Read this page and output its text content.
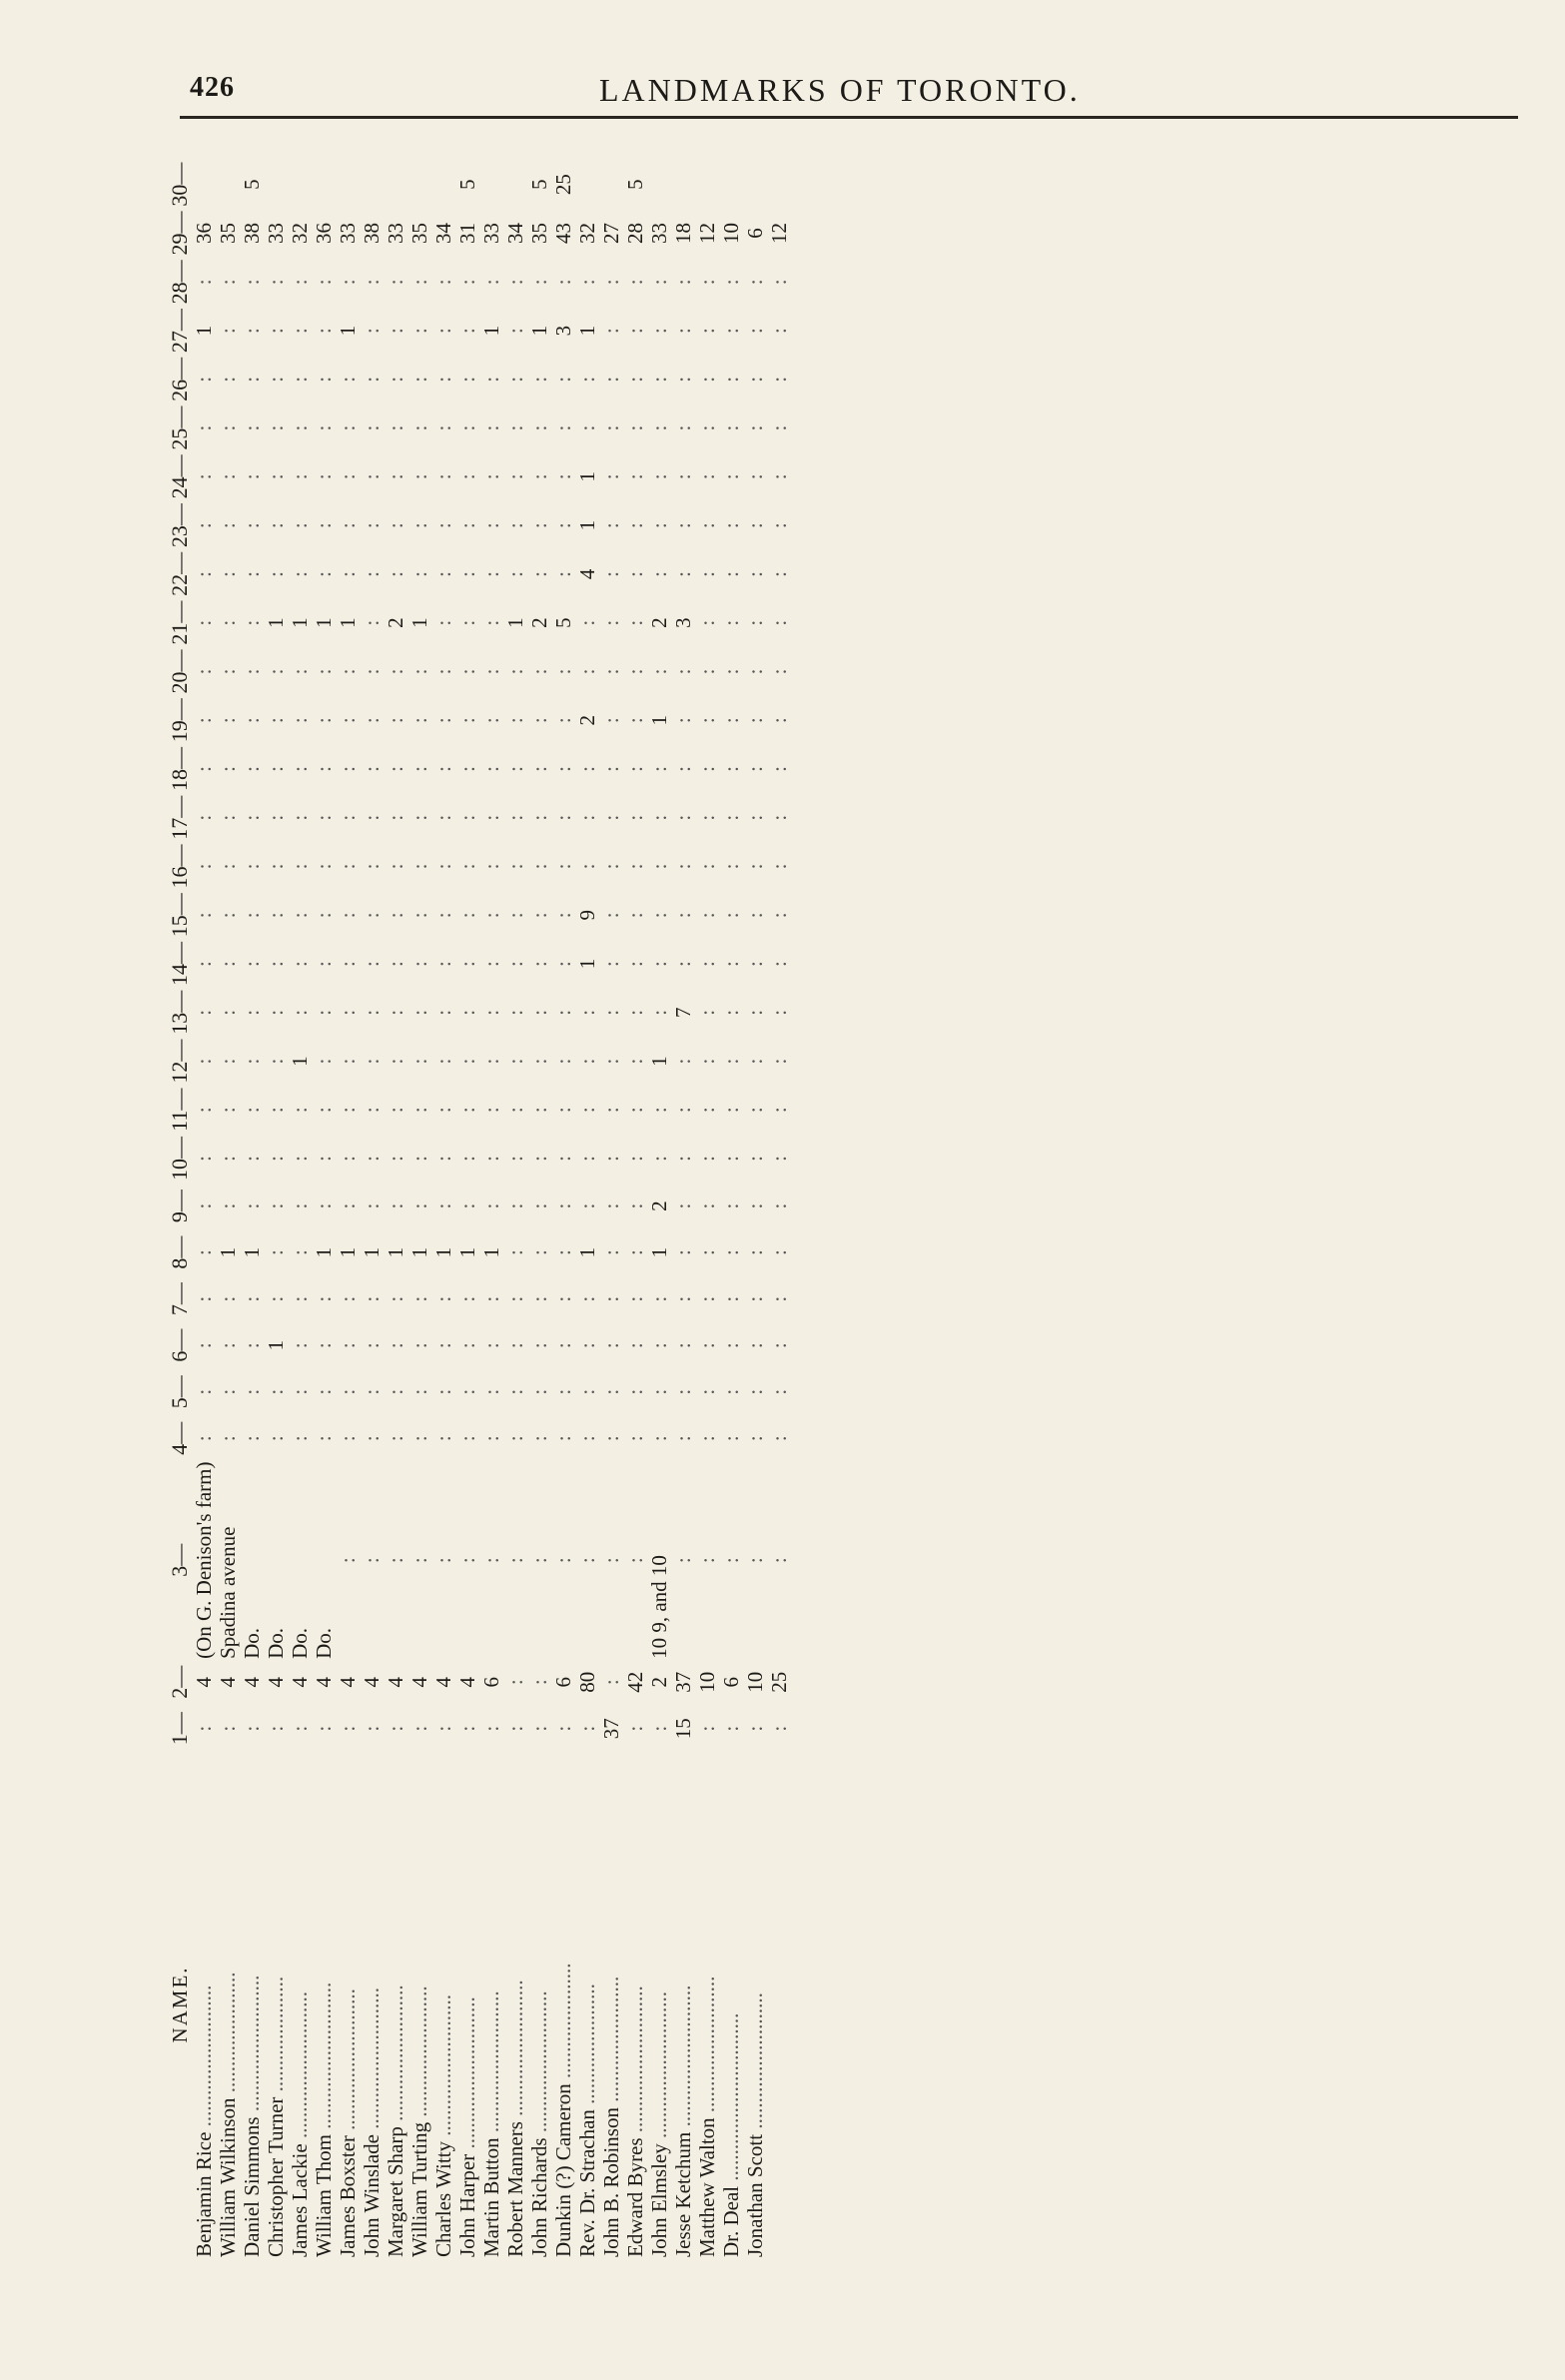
426	LANDMARKS OF TORONTO.
NAME.	1—	2—	3—	4—	5—	6—	7—	8—	9—	10—	11—	12—	13—	14—	15—	16—	17—	18—	19—	20—	21—	22—	23—	24—	25—	26—	27—	28—	29—	30—
Benjamin Rice ...........................	:	4	(On G. Denison's farm)	:	:	:	:	:	:	:	:	:	:	:	:	:	:	:	:	:	:	:	:	:	:	:	1	:	36	
William Wilkinson .......................	:	4	Spadina avenue	:	:	:	:	1	:	:	:	:	:	:	:	:	:	:	:	:	:	:	:	:	:	:	:	:	35	
Daniel Simmons ..........................	:	4	Do.	:	:	:	:	1	:	:	:	:	:	:	:	:	:	:	:	:	:	:	:	:	:	:	:	:	38	5
Christopher Turner ......................	:	4	Do.	:	:	1	:	:	:	:	:	:	:	:	:	:	:	:	:	:	1	:	:	:	:	:	:	:	33	
James Lackie ............................	:	4	Do.	:	:	:	:	:	:	:	:	1	:	:	:	:	:	:	:	:	1	:	:	:	:	:	:	:	32	
William Thom ............................	:	4	Do.	:	:	:	:	1	:	:	:	:	:	:	:	:	:	:	:	:	1	:	:	:	:	:	:	:	36	
James Boxster ...........................	:	4	:	:	:	:	:	1	:	:	:	:	:	:	:	:	:	:	:	:	1	:	:	:	:	:	1	:	33	
John Winslade ...........................	:	4	:	:	:	:	:	1	:	:	:	:	:	:	:	:	:	:	:	:	:	:	:	:	:	:	:	:	38	
Margaret Sharp ..........................	:	4	:	:	:	:	:	1	:	:	:	:	:	:	:	:	:	:	:	:	2	:	:	:	:	:	:	:	33	
William Turting .........................	:	4	:	:	:	:	:	1	:	:	:	:	:	:	:	:	:	:	:	:	1	:	:	:	:	:	:	:	35	
Charles Witty ...........................	:	4	:	:	:	:	:	1	:	:	:	:	:	:	:	:	:	:	:	:	:	:	:	:	:	:	:	:	34	
John Harper .............................	:	4	:	:	:	:	:	1	:	:	:	:	:	:	:	:	:	:	:	:	:	:	:	:	:	:	:	:	31	5
Martin Button ...........................	:	6	:	:	:	:	:	1	:	:	:	:	:	:	:	:	:	:	:	:	:	:	:	:	:	:	1	:	33	
Robert Manners ..........................	:	:	:	:	:	:	:	:	:	:	:	:	:	:	:	:	:	:	:	:	1	:	:	:	:	:	:	:	34	
John Richards ...........................	:	:	:	:	:	:	:	:	:	:	:	:	:	:	:	:	:	:	:	:	2	:	:	:	:	:	1	:	35	5
Dunkin (?) Cameron ......................	:	6	:	:	:	:	:	:	:	:	:	:	:	:	:	:	:	:	:	:	5	:	:	:	:	:	3	:	43	25
Rev. Dr. Strachan .......................	:	80	:	:	:	:	:	1	:	:	:	:	:	1	9	:	:	:	2	:	:	4	1	1	:	:	1	:	32	
John B. Robinson ........................	37	:	:	:	:	:	:	:	:	:	:	:	:	:	:	:	:	:	:	:	:	:	:	:	:	:	:	:	27	
Edward Byres ............................	:	42	:	:	:	:	:	:	:	:	:	:	:	:	:	:	:	:	:	:	:	:	:	:	:	:	:	:	28	5
John Elmsley ............................	:	2	10 9, and 10	:	:	:	:	1	2	:	:	1	:	:	:	:	:	:	1	:	2	:	:	:	:	:	:	:	33	
Jesse Ketchum ...........................	15	37	:	:	:	:	:	:	:	:	:	:	7	:	:	:	:	:	:	:	3	:	:	:	:	:	:	:	18	
Matthew Walton ..........................	:	10	:	:	:	:	:	:	:	:	:	:	:	:	:	:	:	:	:	:	:	:	:	:	:	:	:	:	12	
Dr. Deal ................................	:	6	:	:	:	:	:	:	:	:	:	:	:	:	:	:	:	:	:	:	:	:	:	:	:	:	:	:	10	
Jonathan Scott ..........................	:	10	:	:	:	:	:	:	:	:	:	:	:	:	:	:	:	:	:	:	:	:	:	:	:	:	:	:	6	
	:	25	:	:	:	:	:	:	:	:	:	:	:	:	:	:	:	:	:	:	:	:	:	:	:	:	:	:	12	
